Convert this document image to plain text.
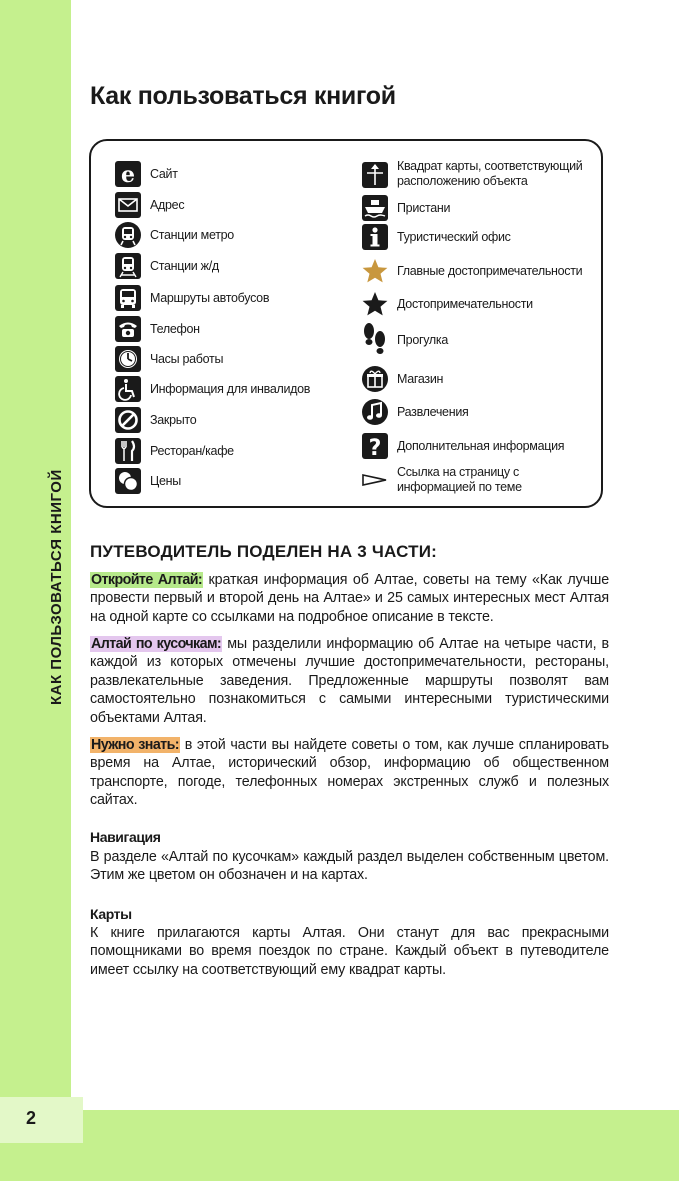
КАК ПОЛЬЗОВАТЬСЯ КНИГОЙ
2
Как пользоваться книгой
e Сайт
Адрес
Станции метро
Станции ж/д
Маршруты автобусов
Телефон
Часы работы
Информация для инвалидов
Закрыто
Ресторан/кафе
Цены
Квадрат карты, соответствующий расположению объекта
Пристани
Туристический офис
Главные достопримечательности
Достопримечательности
Прогулка
Магазин
Развлечения
? Дополнительная информация
Ссылка на страницу с информацией по теме
ПУТЕВОДИТЕЛЬ ПОДЕЛЕН НА 3 ЧАСТИ:
Откройте Алтай: краткая информация об Алтае, советы на тему «Как лучше провести первый и второй день на Алтае» и 25 самых интересных мест Алтая на одной карте со ссылками на подробное описание в тексте.
Алтай по кусочкам: мы разделили информацию об Алтае на четыре части, в каждой из которых отмечены лучшие достопримечательности, рестораны, развлекательные заведения. Предложенные маршруты позволят вам самостоятельно познакомиться с самыми интересными туристическими объектами Алтая.
Нужно знать: в этой части вы найдете советы о том, как лучше спланировать время на Алтае, исторический обзор, информацию об общественном транспорте, погоде, телефонных номерах экстренных служб и полезных сайтах.
Навигация
В разделе «Алтай по кусочкам» каждый раздел выделен собственным цветом. Этим же цветом он обозначен и на картах.
Карты
К книге прилагаются карты Алтая. Они станут для вас прекрасными помощниками во время поездок по стране. Каждый объект в путеводителе имеет ссылку на соответствующий ему квадрат карты.
